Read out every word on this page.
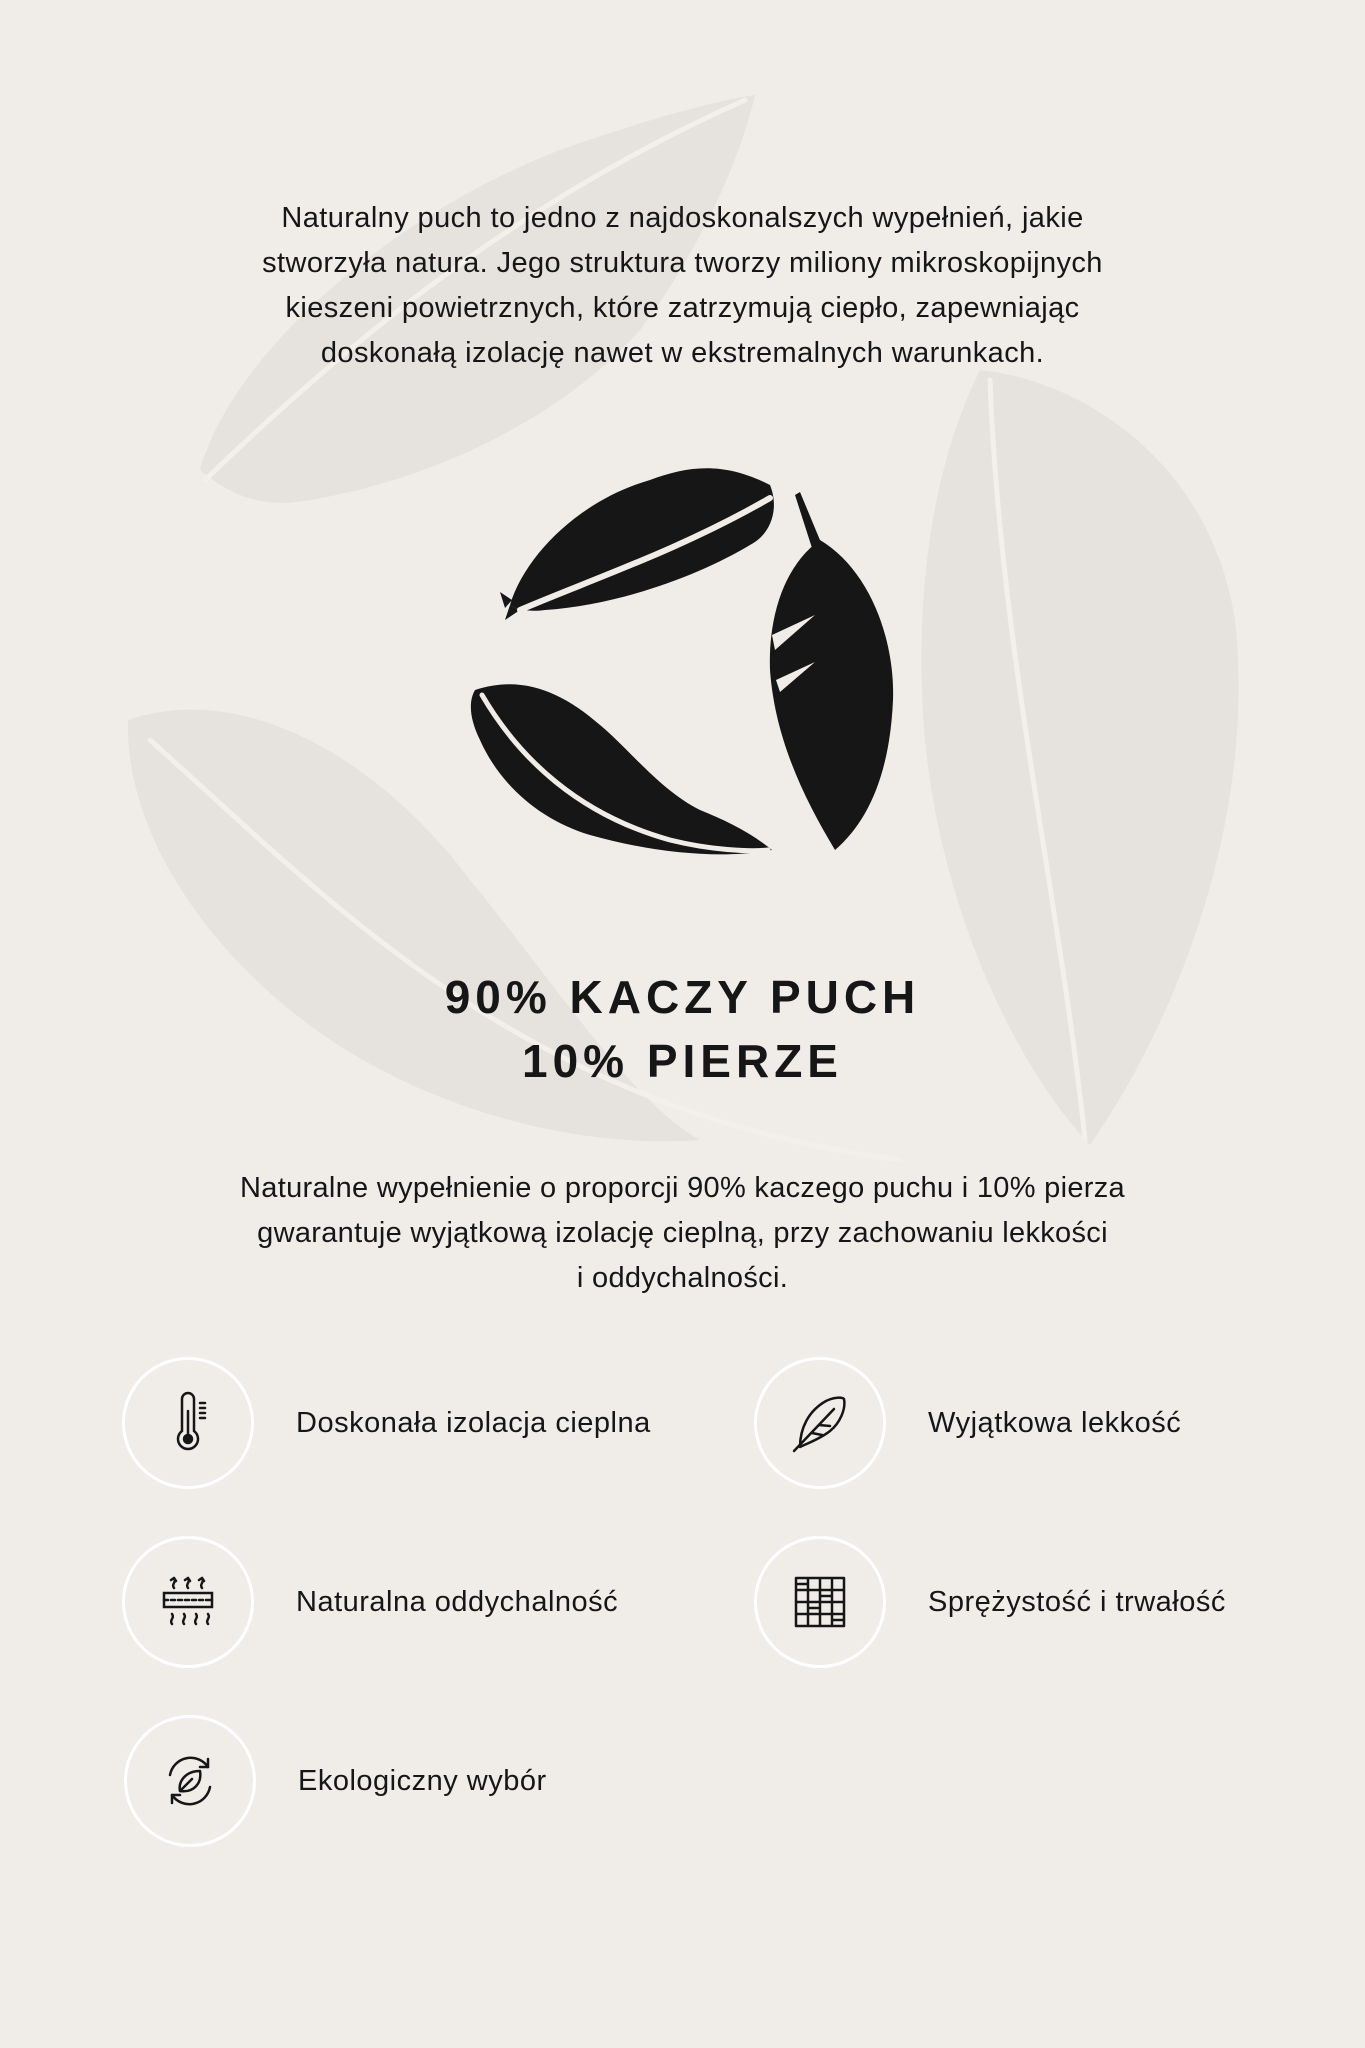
Naturalny puch to jedno z najdoskonalszych wypełnień, jakie
stworzyła natura. Jego struktura tworzy miliony mikroskopijnych
kieszeni powietrznych, które zatrzymują ciepło, zapewniając
doskonałą izolację nawet w ekstremalnych warunkach.

90% KACZY PUCH
10% PIERZE

Naturalne wypełnienie o proporcji 90% kaczego puchu i 10% pierza
gwarantuje wyjątkową izolację cieplną, przy zachowaniu lekkości
i oddychalności.

Doskonała izolacja cieplna	Wyjątkowa lekkość
Naturalna oddychalność	Sprężystość i trwałość
Ekologiczny wybór
